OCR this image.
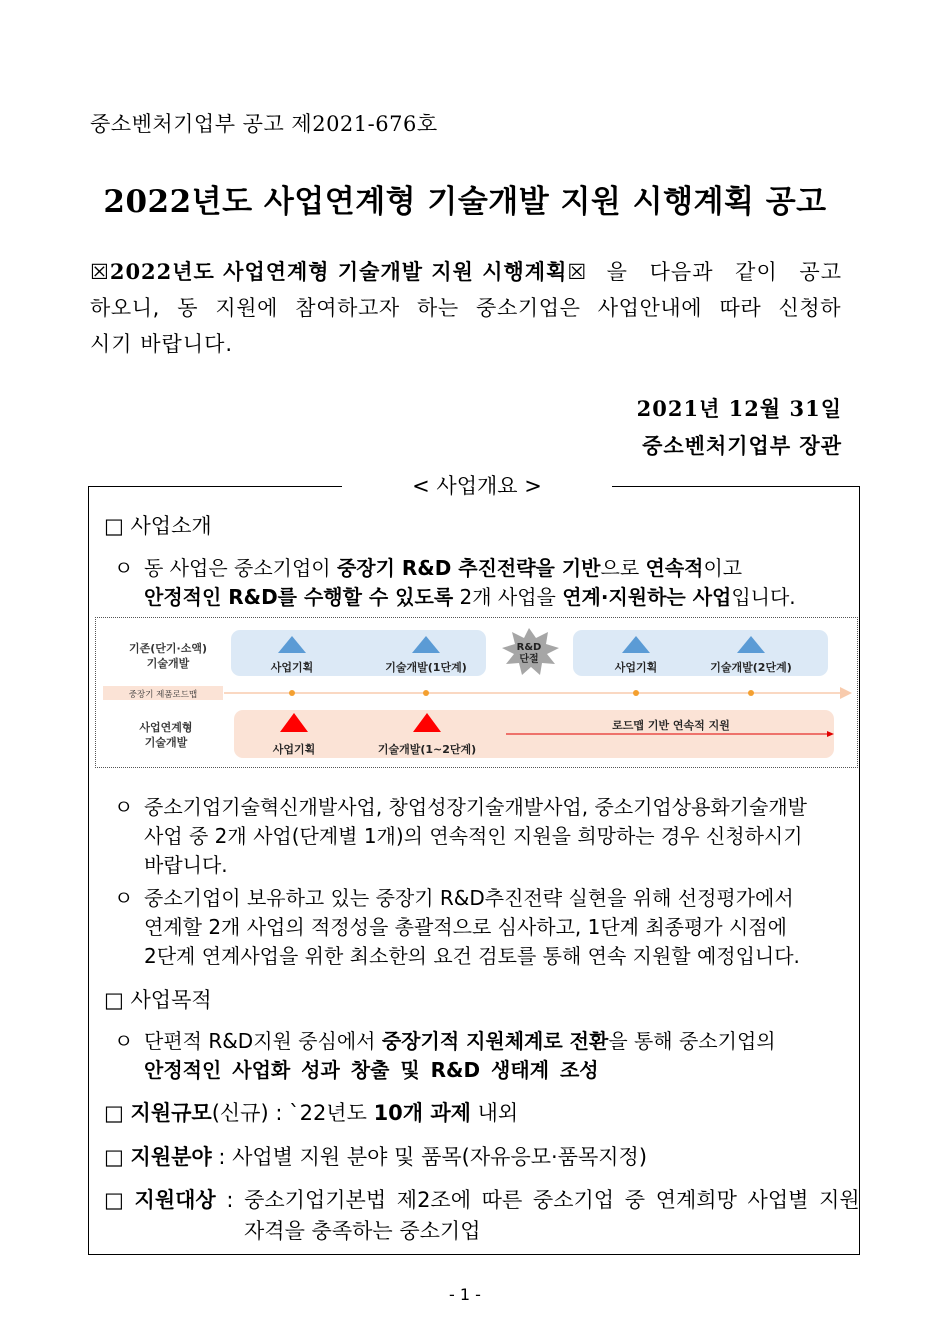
중소벤처기업부 공고 제2021-676호
2022년도 사업연계형 기술개발 지원 시행계획 공고
☒2022년도 사업연계형 기술개발 지원 시행계획☒ 을 다음과 같이 공고
하오니, 동 지원에 참여하고자 하는 중소기업은 사업안내에 따라 신청하
시기 바랍니다.
2021년 12월 31일
중소벤처기업부 장관
< 사업개요 >
□ 사업소개
ㅇ 동 사업은 중소기업이 중장기 R&D 추진전략을 기반으로 연속적이고
안정적인 R&D를 수행할 수 있도록 2개 사업을 연계·지원하는 사업입니다.
기존(단기·소액)
기술개발	사업기획	기술개발(1단계)	사업기획	기술개발(2단계)
R&D
단절
중장기 제품로드맵
사업연계형
기술개발
사업기획	기술개발(1~2단계)
로드맵 기반 연속적 지원
ㅇ 중소기업기술혁신개발사업, 창업성장기술개발사업, 중소기업상용화기술개발
사업 중 2개 사업(단계별 1개)의 연속적인 지원을 희망하는 경우 신청하시기
바랍니다.
ㅇ 중소기업이 보유하고 있는 중장기 R&D추진전략 실현을 위해 선정평가에서
연계할 2개 사업의 적정성을 총괄적으로 심사하고, 1단계 최종평가 시점에
2단계 연계사업을 위한 최소한의 요건 검토를 통해 연속 지원할 예정입니다.
□ 사업목적
ㅇ 단편적 R&D지원 중심에서 중장기적 지원체계로 전환을 통해 중소기업의
안정적인 사업화 성과 창출 및 R&D 생태계 조성
□ 지원규모(신규) : `22년도 10개 과제 내외
□ 지원분야 : 사업별 지원 분야 및 품목(자유응모·품목지정)
□ 지원대상 : 중소기업기본법 제2조에 따른 중소기업 중 연계희망 사업별 지원
자격을 충족하는 중소기업
- 1 -
